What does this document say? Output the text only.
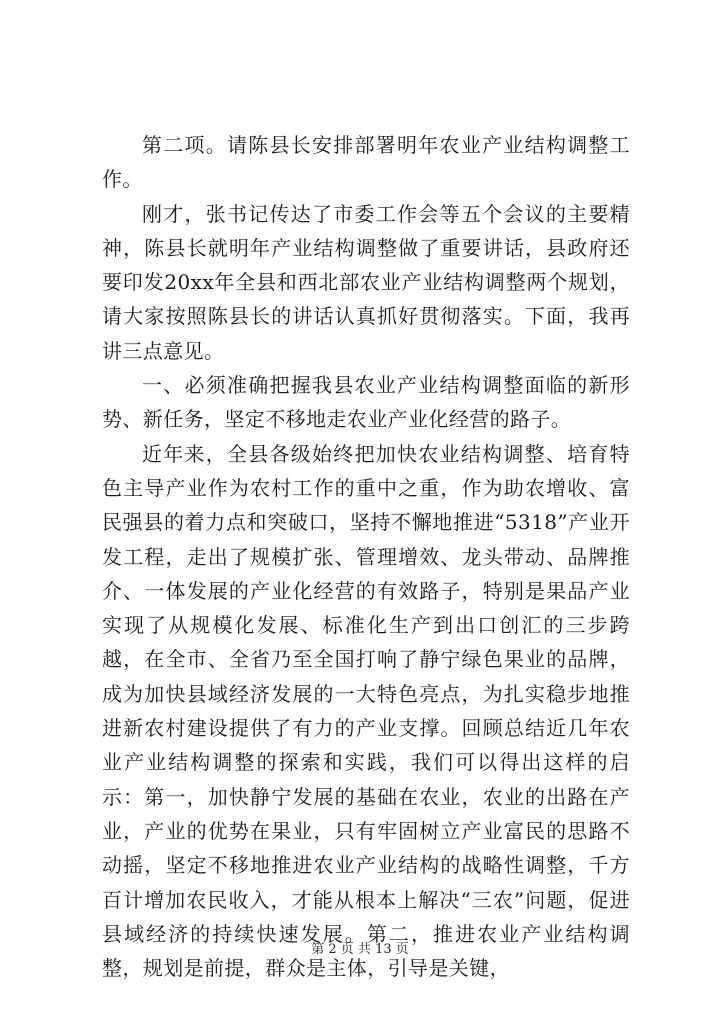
第二项。请陈县长安排部署明年农业产业结构调整工作。

刚才，张书记传达了市委工作会等五个会议的主要精神，陈县长就明年产业结构调整做了重要讲话，县政府还要印发20xx年全县和西北部农业产业结构调整两个规划，请大家按照陈县长的讲话认真抓好贯彻落实。下面，我再讲三点意见。

一、必须准确把握我县农业产业结构调整面临的新形势、新任务，坚定不移地走农业产业化经营的路子。

近年来，全县各级始终把加快农业结构调整、培育特色主导产业作为农村工作的重中之重，作为助农增收、富民强县的着力点和突破口，坚持不懈地推进“5318”产业开发工程，走出了规模扩张、管理增效、龙头带动、品牌推介、一体发展的产业化经营的有效路子，特别是果品产业实现了从规模化发展、标准化生产到出口创汇的三步跨越，在全市、全省乃至全国打响了静宁绿色果业的品牌，成为加快县域经济发展的一大特色亮点，为扎实稳步地推进新农村建设提供了有力的产业支撑。回顾总结近几年农业产业结构调整的探索和实践，我们可以得出这样的启示：第一，加快静宁发展的基础在农业，农业的出路在产业，产业的优势在果业，只有牢固树立产业富民的思路不动摇，坚定不移地推进农业产业结构的战略性调整，千方百计增加农民收入，才能从根本上解决“三农”问题，促进县域经济的持续快速发展。第二，推进农业产业结构调整，规划是前提，群众是主体，引导是关键，

第 2 页 共 13 页
